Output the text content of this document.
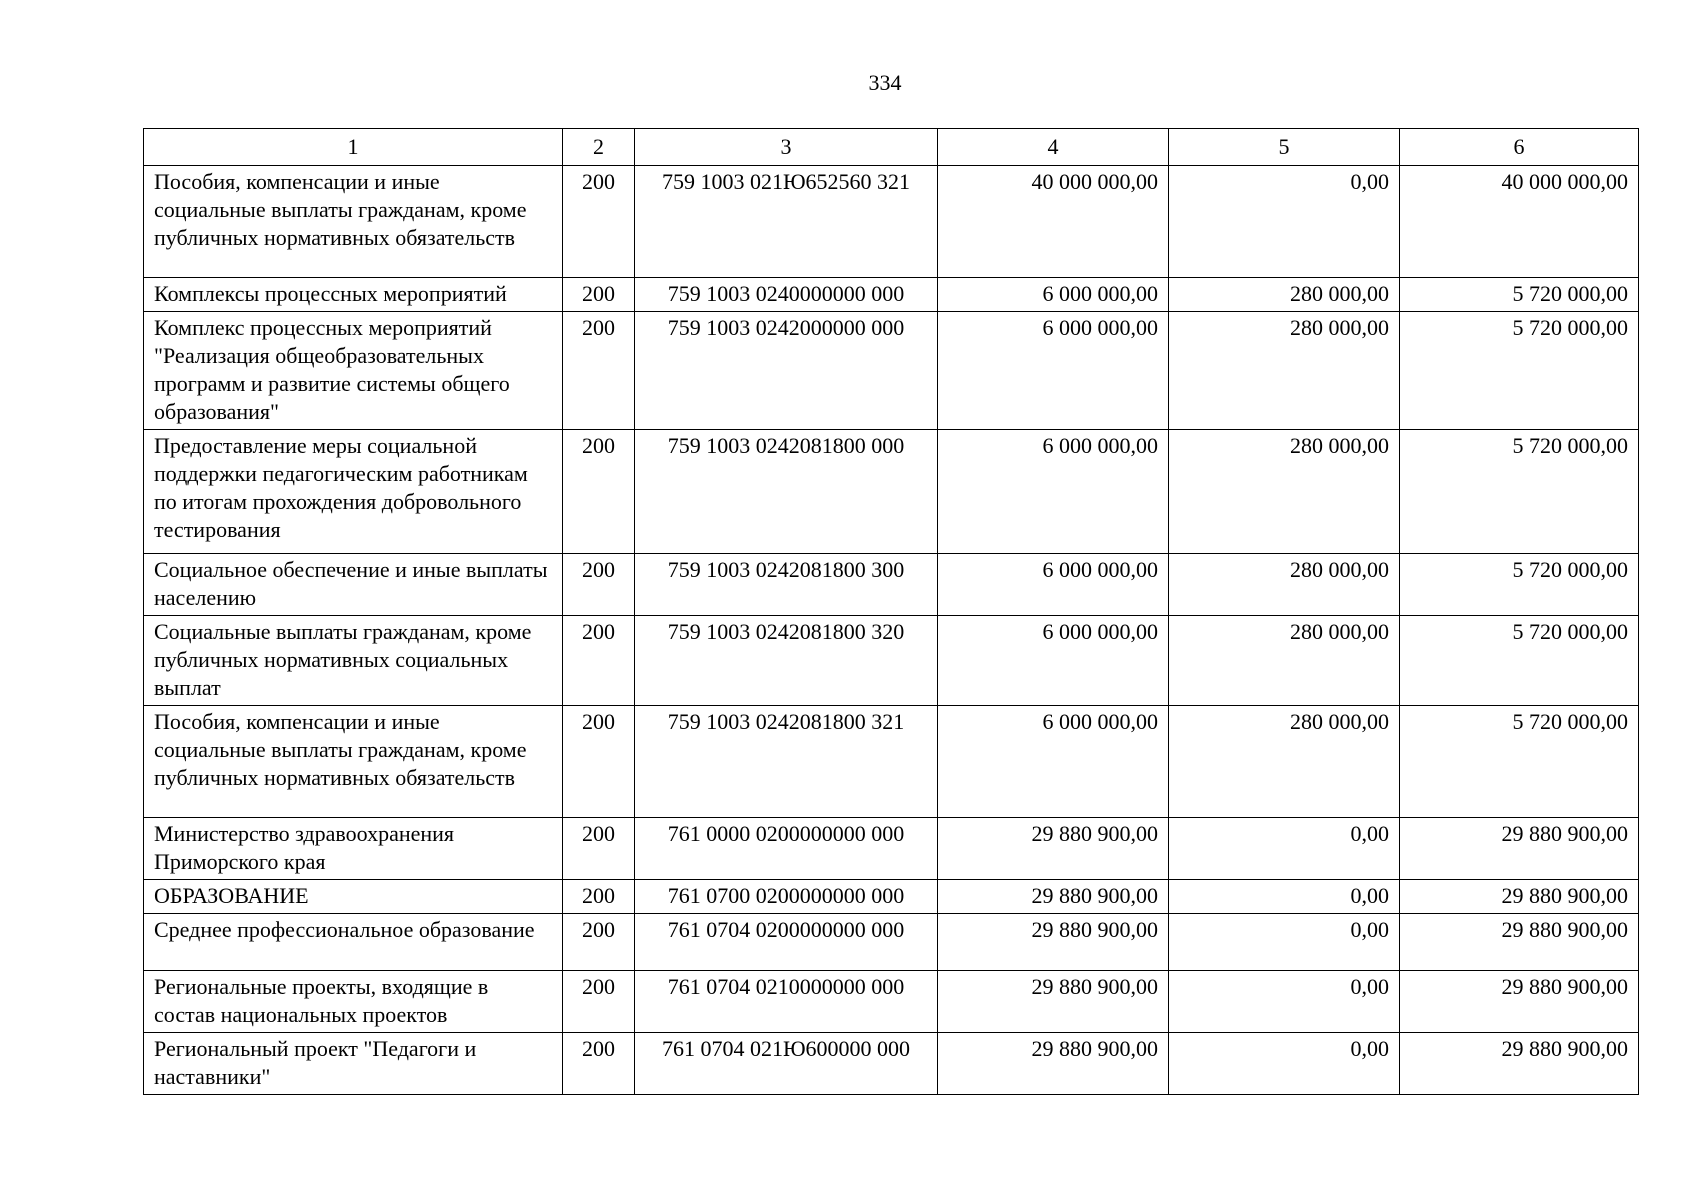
334
1	2	3	4	5	6
Пособия, компенсации и иные социальные выплаты гражданам, кроме публичных нормативных обязательств	200	759 1003 021Ю652560 321	40 000 000,00	0,00	40 000 000,00
Комплексы процессных мероприятий	200	759 1003 0240000000 000	6 000 000,00	280 000,00	5 720 000,00
Комплекс процессных мероприятий "Реализация общеобразовательных программ и развитие системы общего образования"	200	759 1003 0242000000 000	6 000 000,00	280 000,00	5 720 000,00
Предоставление меры социальной поддержки педагогическим работникам по итогам прохождения добровольного тестирования	200	759 1003 0242081800 000	6 000 000,00	280 000,00	5 720 000,00
Социальное обеспечение и иные выплаты населению	200	759 1003 0242081800 300	6 000 000,00	280 000,00	5 720 000,00
Социальные выплаты гражданам, кроме публичных нормативных социальных выплат	200	759 1003 0242081800 320	6 000 000,00	280 000,00	5 720 000,00
Пособия, компенсации и иные социальные выплаты гражданам, кроме публичных нормативных обязательств	200	759 1003 0242081800 321	6 000 000,00	280 000,00	5 720 000,00
Министерство здравоохранения Приморского края	200	761 0000 0200000000 000	29 880 900,00	0,00	29 880 900,00
ОБРАЗОВАНИЕ	200	761 0700 0200000000 000	29 880 900,00	0,00	29 880 900,00
Среднее профессиональное образование	200	761 0704 0200000000 000	29 880 900,00	0,00	29 880 900,00
Региональные проекты, входящие в состав национальных проектов	200	761 0704 0210000000 000	29 880 900,00	0,00	29 880 900,00
Региональный проект "Педагоги и наставники"	200	761 0704 021Ю600000 000	29 880 900,00	0,00	29 880 900,00
